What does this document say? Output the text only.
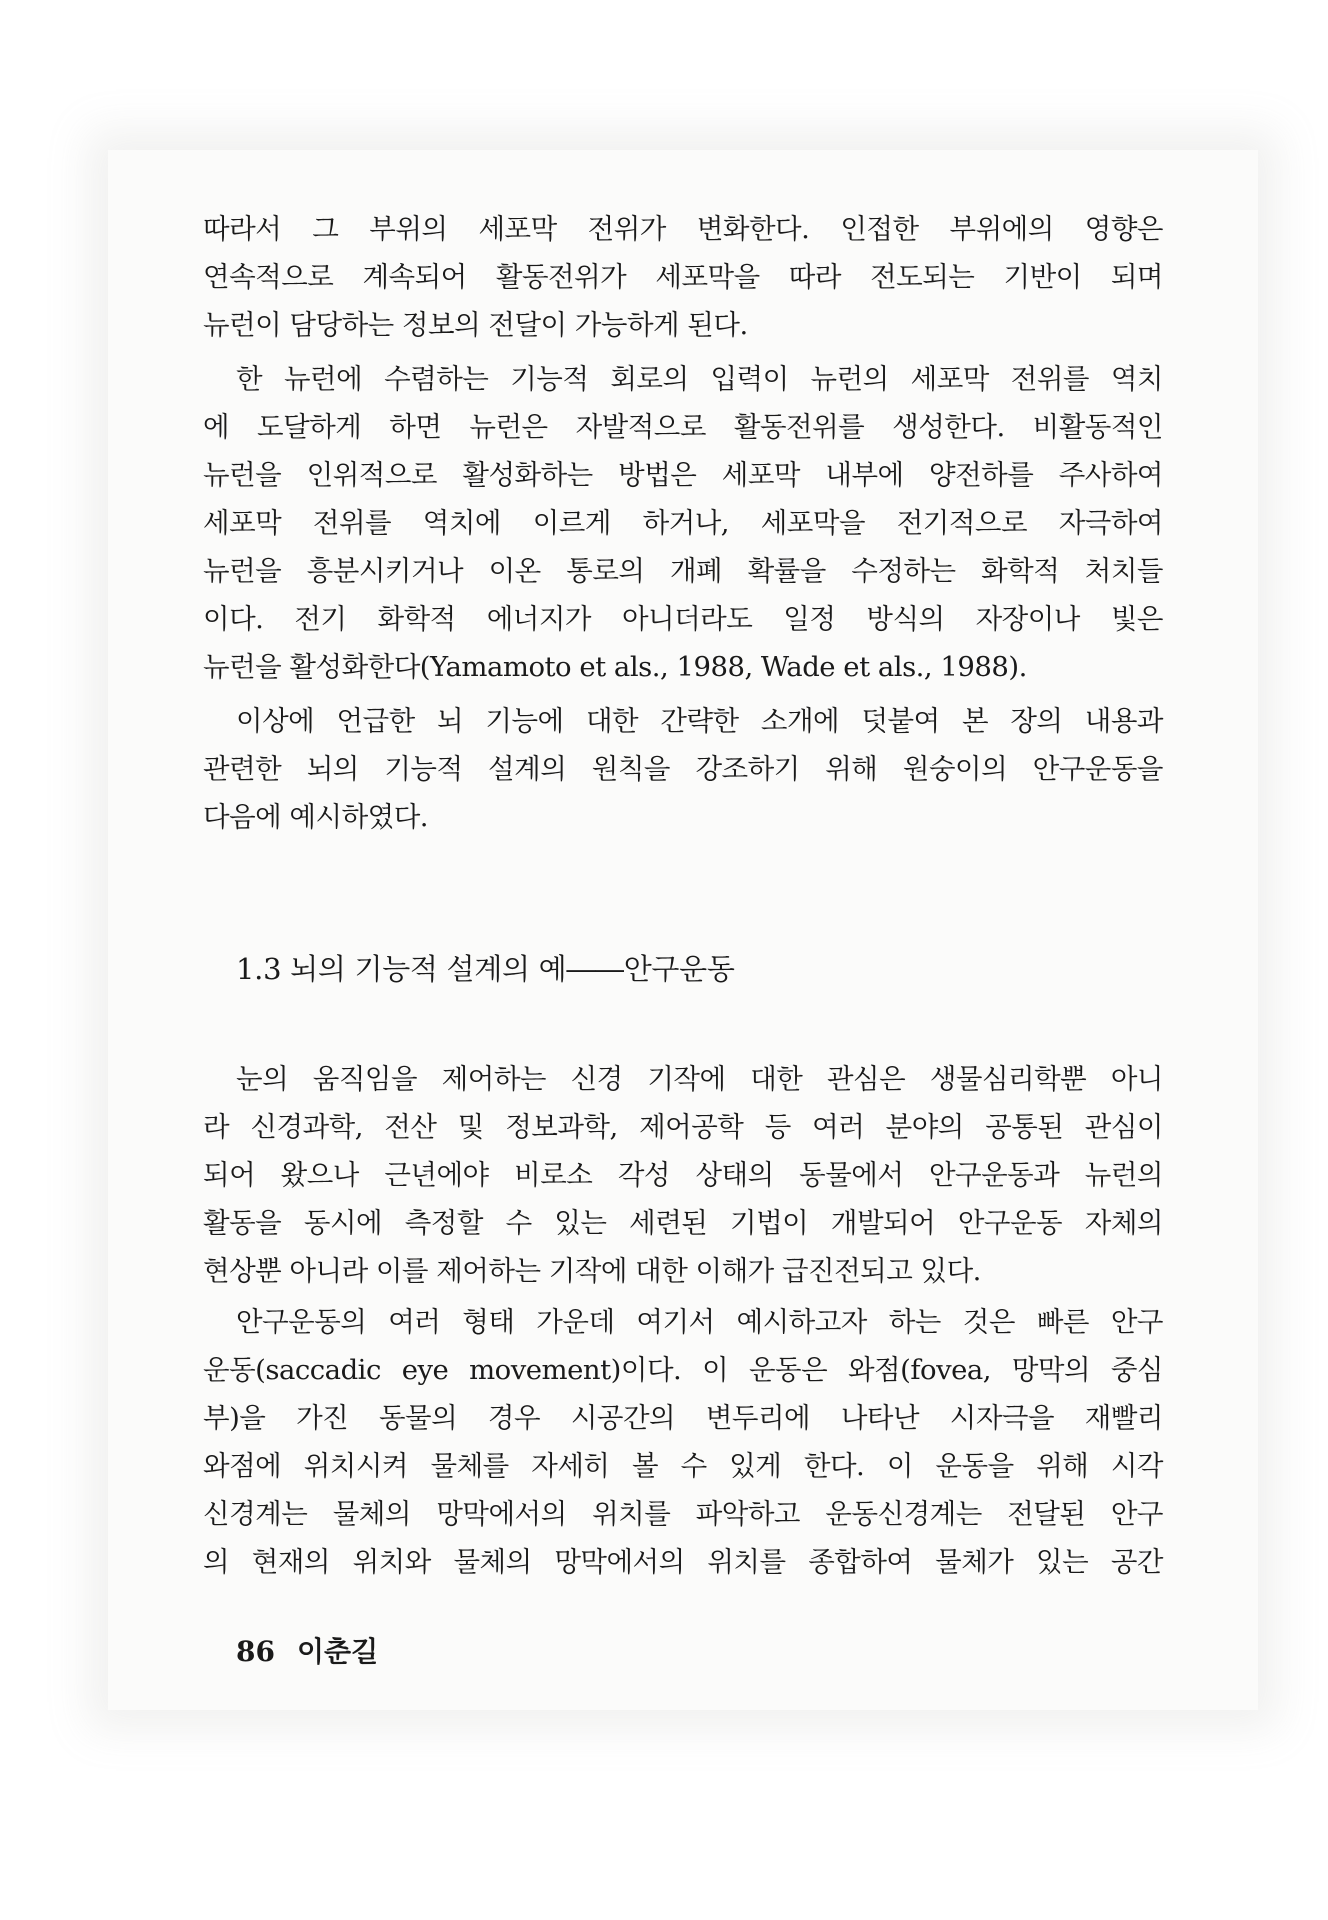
따라서 그 부위의 세포막 전위가 변화한다. 인접한 부위에의 영향은
연속적으로 계속되어 활동전위가 세포막을 따라 전도되는 기반이 되며
뉴런이 담당하는 정보의 전달이 가능하게 된다.
한 뉴런에 수렴하는 기능적 회로의 입력이 뉴런의 세포막 전위를 역치
에 도달하게 하면 뉴런은 자발적으로 활동전위를 생성한다. 비활동적인
뉴런을 인위적으로 활성화하는 방법은 세포막 내부에 양전하를 주사하여
세포막 전위를 역치에 이르게 하거나, 세포막을 전기적으로 자극하여
뉴런을 흥분시키거나 이온 통로의 개폐 확률을 수정하는 화학적 처치들
이다. 전기 화학적 에너지가 아니더라도 일정 방식의 자장이나 빛은
뉴런을 활성화한다(Yamamoto et als., 1988, Wade et als., 1988).
이상에 언급한 뇌 기능에 대한 간략한 소개에 덧붙여 본 장의 내용과
관련한 뇌의 기능적 설계의 원칙을 강조하기 위해 원숭이의 안구운동을
다음에 예시하였다.
1.3 뇌의 기능적 설계의 예――안구운동
눈의 움직임을 제어하는 신경 기작에 대한 관심은 생물심리학뿐 아니
라 신경과학, 전산 및 정보과학, 제어공학 등 여러 분야의 공통된 관심이
되어 왔으나 근년에야 비로소 각성 상태의 동물에서 안구운동과 뉴런의
활동을 동시에 측정할 수 있는 세련된 기법이 개발되어 안구운동 자체의
현상뿐 아니라 이를 제어하는 기작에 대한 이해가 급진전되고 있다.
안구운동의 여러 형태 가운데 여기서 예시하고자 하는 것은 빠른 안구
운동(saccadic eye movement)이다. 이 운동은 와점(fovea, 망막의 중심
부)을 가진 동물의 경우 시공간의 변두리에 나타난 시자극을 재빨리
와점에 위치시켜 물체를 자세히 볼 수 있게 한다. 이 운동을 위해 시각
신경계는 물체의 망막에서의 위치를 파악하고 운동신경계는 전달된 안구
의 현재의 위치와 물체의 망막에서의 위치를 종합하여 물체가 있는 공간
86 이춘길
